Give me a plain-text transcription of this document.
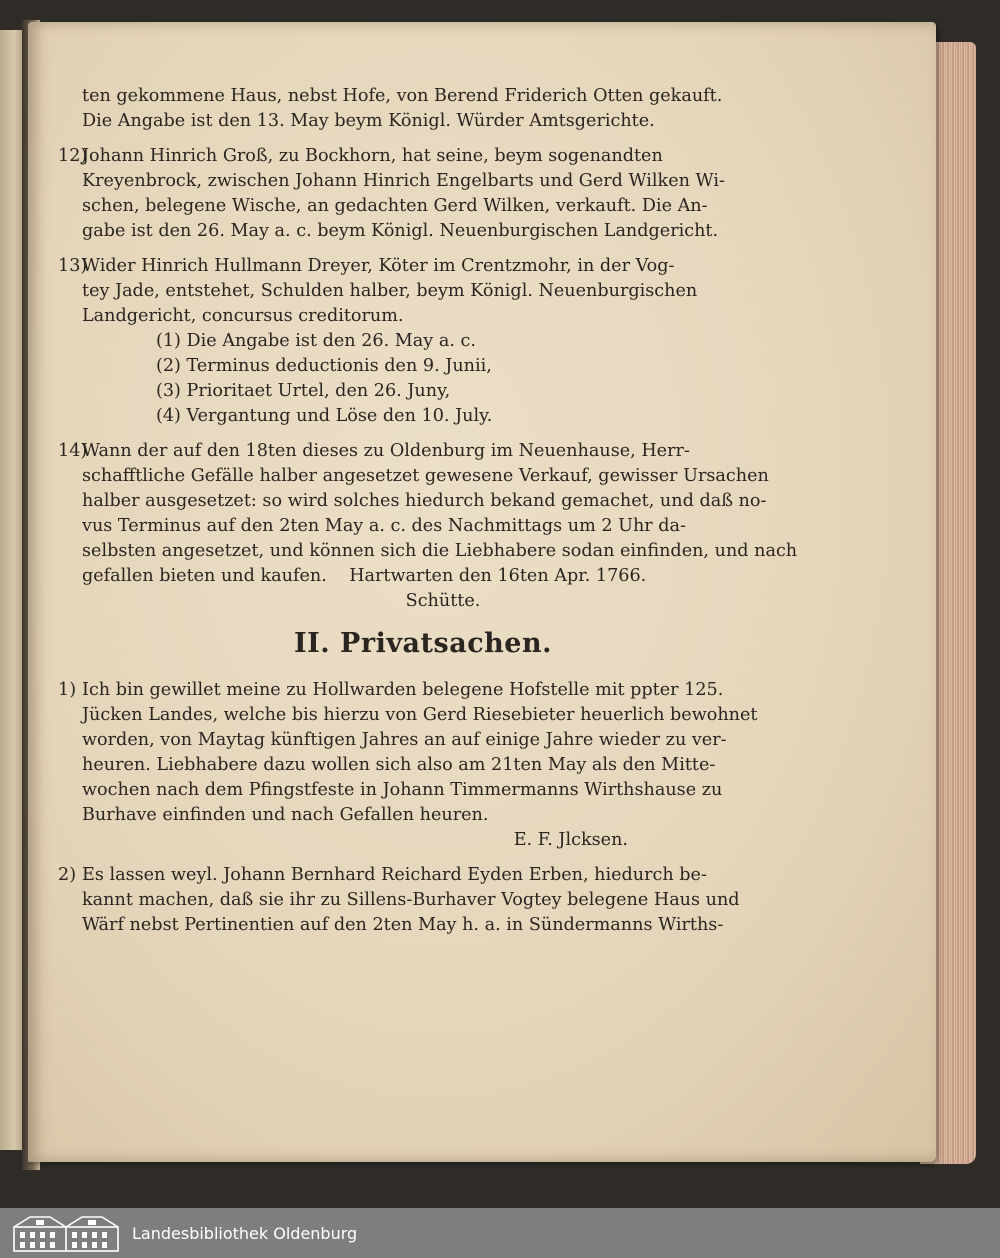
ten gekommene Haus, nebst Hofe, von Berend Friderich Otten gekauft.

Die Angabe ist den 13. May beym Königl. Würder Amtsgerichte.

12)Johann Hinrich Groß, zu Bockhorn, hat seine, beym sogenandten

Kreyenbrock, zwischen Johann Hinrich Engelbarts und Gerd Wilken Wi-

schen, belegene Wische, an gedachten Gerd Wilken, verkauft. Die An-

gabe ist den 26. May a. c. beym Königl. Neuenburgischen Landgericht.

13)Wider Hinrich Hullmann Dreyer, Köter im Crentzmohr, in der Vog-

tey Jade, entstehet, Schulden halber, beym Königl. Neuenburgischen

Landgericht, concursus creditorum.

(1) Die Angabe ist den 26. May a. c.
(2) Terminus deductionis den 9. Junii,
(3) Prioritaet Urtel, den 26. Juny,
(4) Vergantung und Löse den 10. July.

14)Wann der auf den 18ten dieses zu Oldenburg im Neuenhause, Herr-

schafftliche Gefälle halber angesetzet gewesene Verkauf, gewisser Ursachen

halber ausgesetzet: so wird solches hiedurch bekand gemachet, und daß no-

vus Terminus auf den 2ten May a. c. des Nachmittags um 2 Uhr da-

selbsten angesetzet, und können sich die Liebhabere sodan einfinden, und nach

gefallen bieten und kaufen.    Hartwarten den 16ten Apr. 1766.

Schütte.

II. Privatsachen.

1) Ich bin gewillet meine zu Hollwarden belegene Hofstelle mit ppter 125.

Jücken Landes, welche bis hierzu von Gerd Riesebieter heuerlich bewohnet

worden, von Maytag künftigen Jahres an auf einige Jahre wieder zu ver-

heuren. Liebhabere dazu wollen sich also am 21ten May als den Mitte-

wochen nach dem Pfingstfeste in Johann Timmermanns Wirthshause zu

Burhave einfinden und nach Gefallen heuren.

E. F. Jlcksen.

2) Es lassen weyl. Johann Bernhard Reichard Eyden Erben, hiedurch be-

kannt machen, daß sie ihr zu Sillens-Burhaver Vogtey belegene Haus und

Wärf nebst Pertinentien auf den 2ten May h. a. in Sündermanns Wirths-

Landesbibliothek Oldenburg
